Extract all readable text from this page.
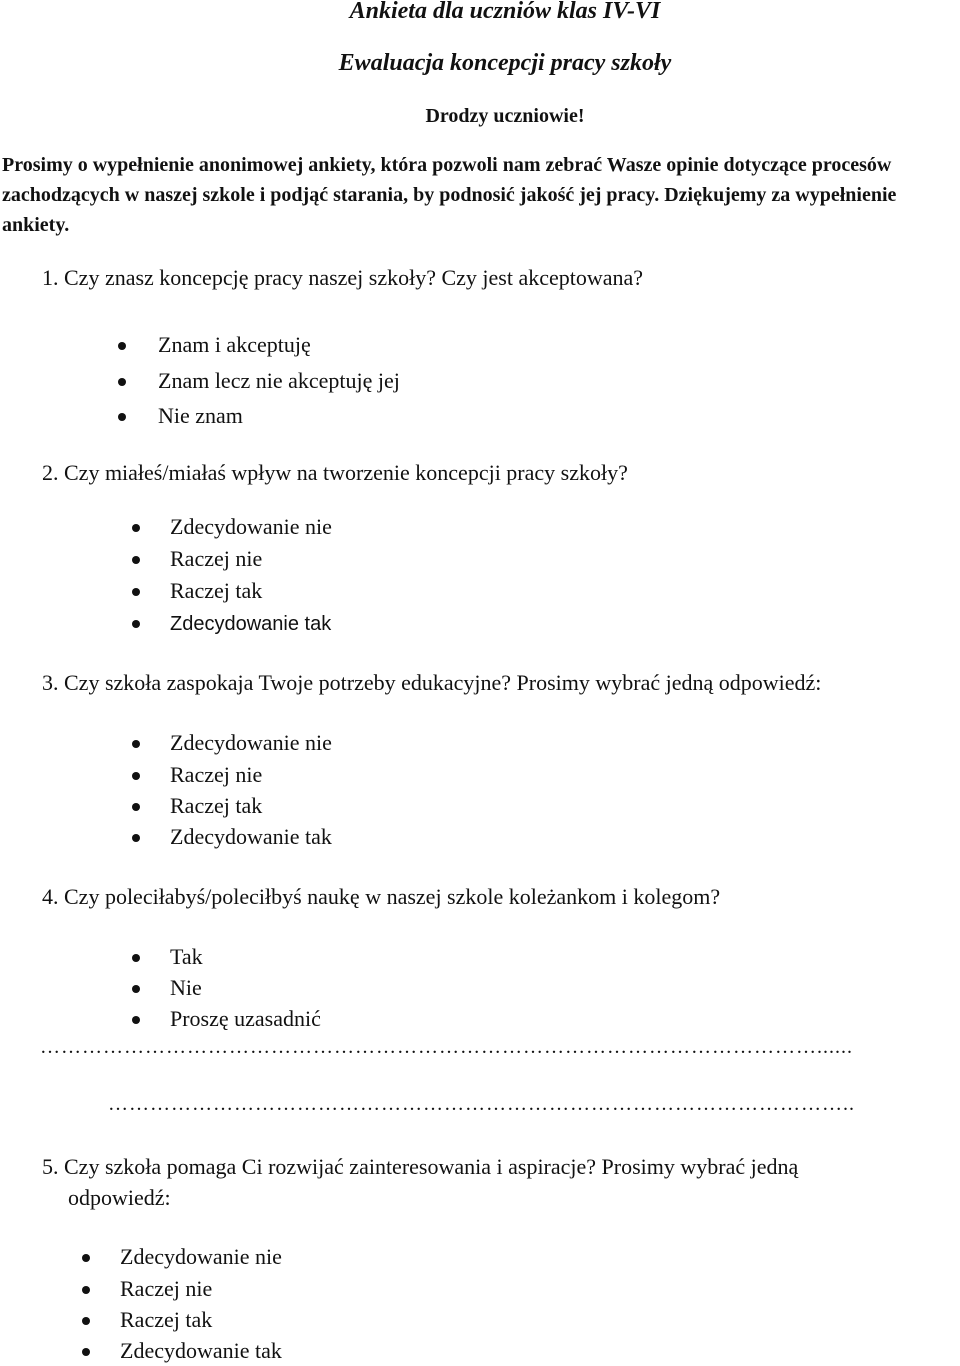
Ankieta dla uczniów klas IV-VI
Ewaluacja koncepcji pracy szkoły
Drodzy uczniowie!
Prosimy o wypełnienie anonimowej ankiety, która pozwoli nam zebrać Wasze opinie dotyczące procesów zachodzących w naszej szkole i podjąć starania, by podnosić jakość jej pracy. Dziękujemy za wypełnienie ankiety.
1. Czy znasz koncepcję pracy naszej szkoły? Czy jest akceptowana?
Znam i akceptuję
Znam lecz nie akceptuję jej
Nie znam
2. Czy miałeś/miałaś wpływ na tworzenie koncepcji pracy szkoły?
Zdecydowanie nie
Raczej nie
Raczej tak
Zdecydowanie tak
3. Czy szkoła zaspokaja Twoje potrzeby edukacyjne? Prosimy wybrać jedną odpowiedź:
Zdecydowanie nie
Raczej nie
Raczej tak
Zdecydowanie tak
4. Czy poleciłabyś/poleciłbyś naukę w naszej szkole koleżankom i kolegom?
Tak
Nie
Proszę uzasadnić
…………………………………………………………………………………………………......
……………………………………………………………………………………………..
5. Czy szkoła pomaga Ci rozwijać zainteresowania i aspiracje? Prosimy wybrać jedną
odpowiedź:
Zdecydowanie nie
Raczej nie
Raczej tak
Zdecydowanie tak
